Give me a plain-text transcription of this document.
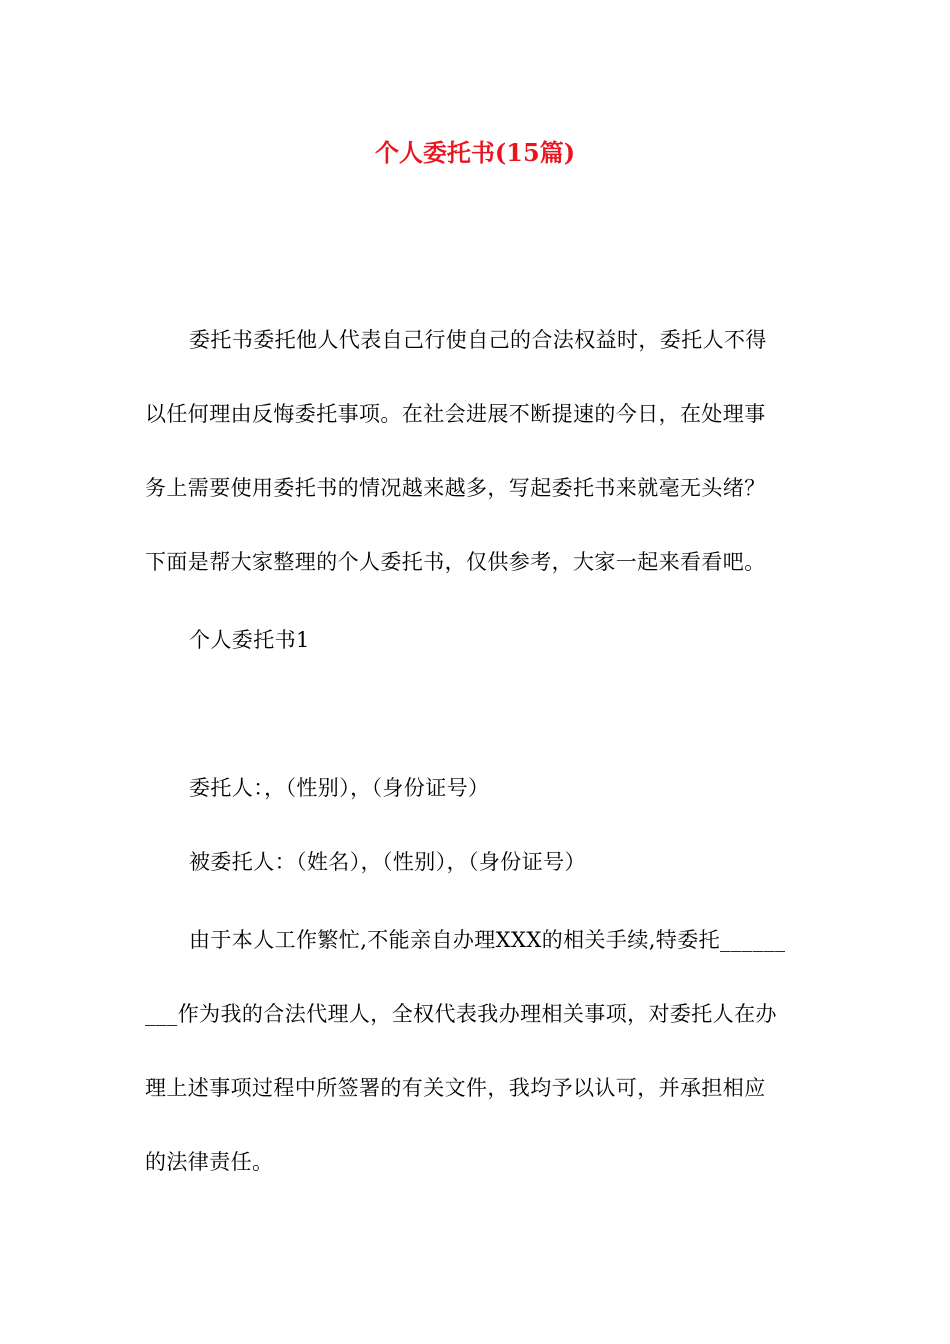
个人委托书(15篇)
委托书委托他人代表自己行使自己的合法权益时，委托人不得
以任何理由反悔委托事项。在社会进展不断提速的今日，在处理事
务上需要使用委托书的情况越来越多，写起委托书来就毫无头绪？
下面是帮大家整理的个人委托书，仅供参考，大家一起来看看吧。
个人委托书1
委托人：，（性别），（身份证号）
被委托人：（姓名），（性别），（身份证号）
由于本人工作繁忙,不能亲自办理XXX的相关手续,特委托______
___作为我的合法代理人，全权代表我办理相关事项，对委托人在办
理上述事项过程中所签署的有关文件，我均予以认可，并承担相应
的法律责任。
